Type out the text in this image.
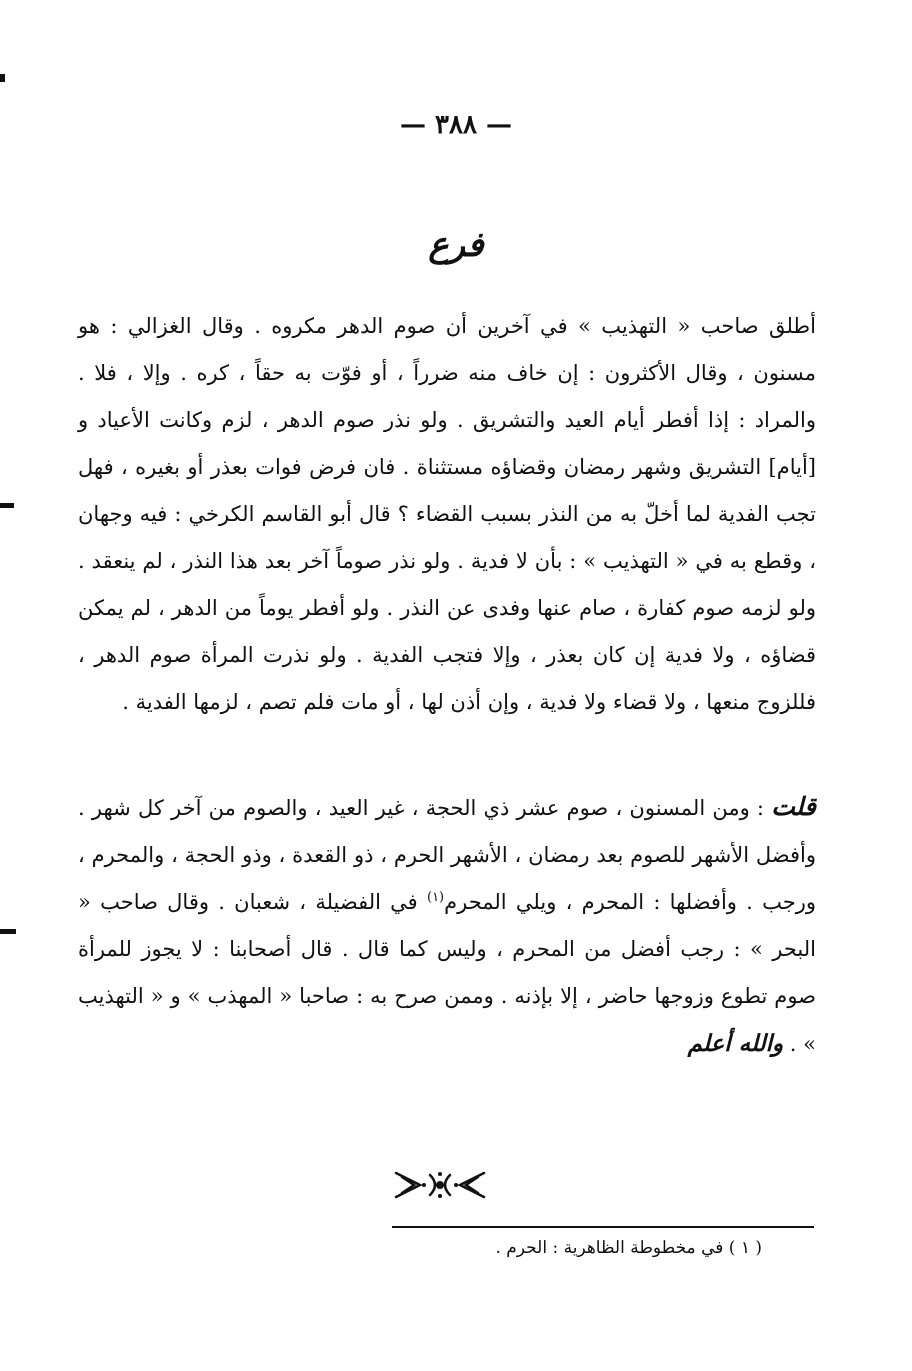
— ٣٨٨ —
فرع
أطلق صاحب « التهذيب » في آخرين أن صوم الدهر مكروه . وقال الغزالي : هو مسنون ، وقال الأكثرون : إن خاف منه ضرراً ، أو فوّت به حقاً ، كره . وإلا ، فلا . والمراد : إذا أفطر أيام العيد والتشريق . ولو نذر صوم الدهر ، لزم وكانت الأعياد و [أيام] التشريق وشهر رمضان وقضاؤه مستثناة . فان فرض فوات بعذر أو بغيره ، فهل تجب الفدية لما أخلّ به من النذر بسبب القضاء ؟ قال أبو القاسم الكرخي : فيه وجهان ، وقطع به في « التهذيب » : بأن لا فدية . ولو نذر صوماً آخر بعد هذا النذر ، لم ينعقد . ولو لزمه صوم كفارة ، صام عنها وفدى عن النذر . ولو أفطر يوماً من الدهر ، لم يمكن قضاؤه ، ولا فدية إن كان بعذر ، وإلا فتجب الفدية . ولو نذرت المرأة صوم الدهر ، فللزوج منعها ، ولا قضاء ولا فدية ، وإن أذن لها ، أو مات فلم تصم ، لزمها الفدية .
قلت : ومن المسنون ، صوم عشر ذي الحجة ، غير العيد ، والصوم من آخر كل شهر . وأفضل الأشهر للصوم بعد رمضان ، الأشهر الحرم ، ذو القعدة ، وذو الحجة ، والمحرم ، ورجب . وأفضلها : المحرم ، ويلي المحرم$^{(١)}$ في الفضيلة ، شعبان . وقال صاحب « البحر » : رجب أفضل من المحرم ، وليس كما قال . قال أصحابنا : لا يجوز للمرأة صوم تطوع وزوجها حاضر ، إلا بإذنه . وممن صرح به : صاحبا « المهذب » و « التهذيب » . والله أعلم
( ١ ) في مخطوطة الظاهرية : الحرم .
